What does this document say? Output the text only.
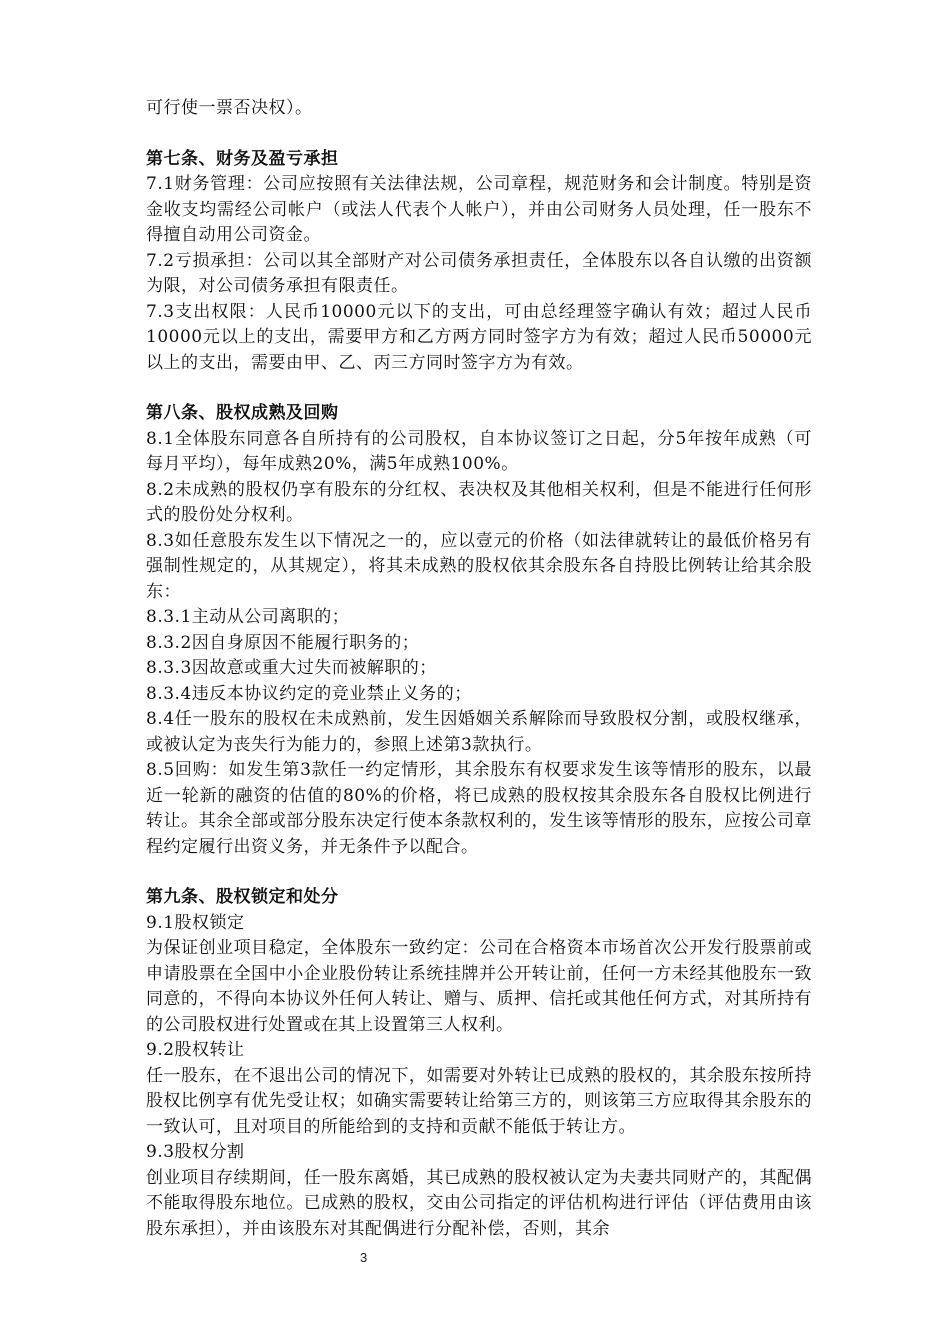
可行使一票否决权）。

第七条、财务及盈亏承担

7.1财务管理：公司应按照有关法律法规，公司章程，规范财务和会计制度。特别是资金收支均需经公司帐户（或法人代表个人帐户），并由公司财务人员处理，任一股东不得擅自动用公司资金。

7.2亏损承担：公司以其全部财产对公司债务承担责任，全体股东以各自认缴的出资额为限，对公司债务承担有限责任。

7.3支出权限：人民币10000元以下的支出，可由总经理签字确认有效；超过人民币10000元以上的支出，需要甲方和乙方两方同时签字方为有效；超过人民币50000元以上的支出，需要由甲、乙、丙三方同时签字方为有效。

第八条、股权成熟及回购

8.1全体股东同意各自所持有的公司股权，自本协议签订之日起，分5年按年成熟（可每月平均），每年成熟20%，满5年成熟100%。

8.2未成熟的股权仍享有股东的分红权、表决权及其他相关权利，但是不能进行任何形式的股份处分权利。

8.3如任意股东发生以下情况之一的，应以壹元的价格（如法律就转让的最低价格另有强制性规定的，从其规定），将其未成熟的股权依其余股东各自持股比例转让给其余股东：

8.3.1主动从公司离职的；

8.3.2因自身原因不能履行职务的；

8.3.3因故意或重大过失而被解职的；

8.3.4违反本协议约定的竞业禁止义务的；

8.4任一股东的股权在未成熟前，发生因婚姻关系解除而导致股权分割，或股权继承，或被认定为丧失行为能力的，参照上述第3款执行。

8.5回购：如发生第3款任一约定情形，其余股东有权要求发生该等情形的股东，以最近一轮新的融资的估值的80%的价格，将已成熟的股权按其余股东各自股权比例进行转让。其余全部或部分股东决定行使本条款权利的，发生该等情形的股东，应按公司章程约定履行出资义务，并无条件予以配合。

第九条、股权锁定和处分

9.1股权锁定

为保证创业项目稳定，全体股东一致约定：公司在合格资本市场首次公开发行股票前或申请股票在全国中小企业股份转让系统挂牌并公开转让前，任何一方未经其他股东一致同意的，不得向本协议外任何人转让、赠与、质押、信托或其他任何方式，对其所持有的公司股权进行处置或在其上设置第三人权利。

9.2股权转让

任一股东，在不退出公司的情况下，如需要对外转让已成熟的股权的，其余股东按所持股权比例享有优先受让权；如确实需要转让给第三方的，则该第三方应取得其余股东的一致认可，且对项目的所能给到的支持和贡献不能低于转让方。

9.3股权分割

创业项目存续期间，任一股东离婚，其已成熟的股权被认定为夫妻共同财产的，其配偶不能取得股东地位。已成熟的股权，交由公司指定的评估机构进行评估（评估费用由该股东承担），并由该股东对其配偶进行分配补偿，否则，其余

3
